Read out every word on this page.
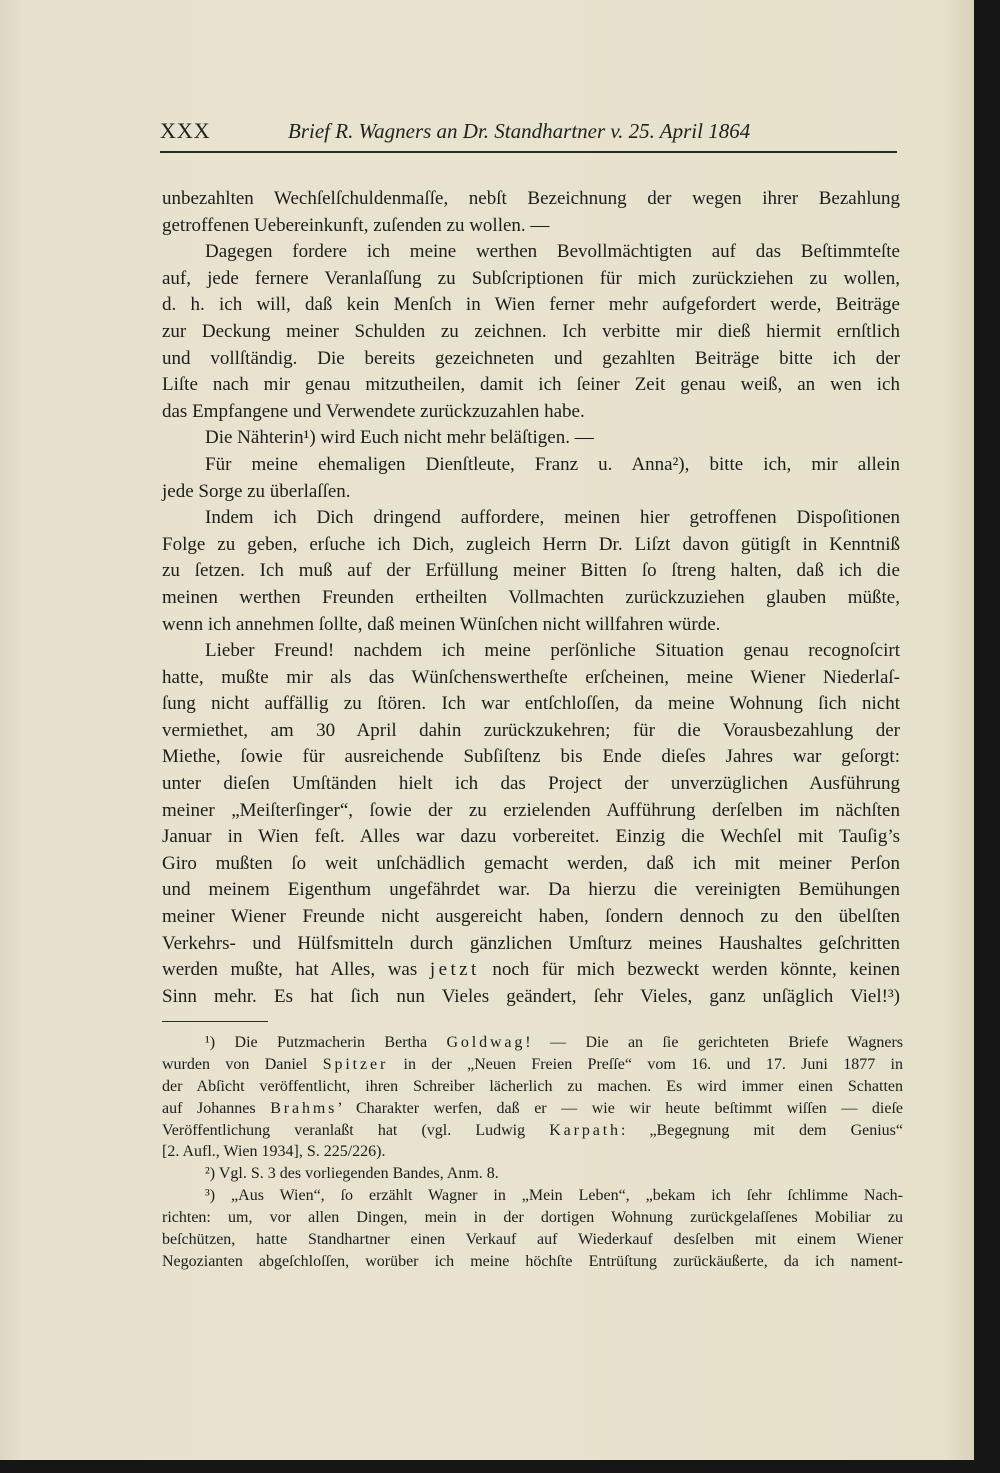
XXX	Brief R. Wagners an Dr. Standhartner v. 25. April 1864
unbezahlten Wechſelſchuldenmaſſe, nebſt Bezeichnung der wegen ihrer Bezahlung
getroffenen Uebereinkunft, zuſenden zu wollen. —
Dagegen fordere ich meine werthen Bevollmächtigten auf das Beſtimmteſte
auf, jede fernere Veranlaſſung zu Subſcriptionen für mich zurückziehen zu wollen,
d. h. ich will, daß kein Menſch in Wien ferner mehr aufgefordert werde, Beiträge
zur Deckung meiner Schulden zu zeichnen. Ich verbitte mir dieß hiermit ernſtlich
und vollſtändig. Die bereits gezeichneten und gezahlten Beiträge bitte ich der
Liſte nach mir genau mitzutheilen, damit ich ſeiner Zeit genau weiß, an wen ich
das Empfangene und Verwendete zurückzuzahlen habe.
Die Nähterin¹) wird Euch nicht mehr beläſtigen. —
Für meine ehemaligen Dienſtleute, Franz u. Anna²), bitte ich, mir allein
jede Sorge zu überlaſſen.
Indem ich Dich dringend auffordere, meinen hier getroffenen Dispoſitionen
Folge zu geben, erſuche ich Dich, zugleich Herrn Dr. Liſzt davon gütigſt in Kenntniß
zu ſetzen. Ich muß auf der Erfüllung meiner Bitten ſo ſtreng halten, daß ich die
meinen werthen Freunden ertheilten Vollmachten zurückzuziehen glauben müßte,
wenn ich annehmen ſollte, daß meinen Wünſchen nicht willfahren würde.
Lieber Freund! nachdem ich meine perſönliche Situation genau recognoſcirt
hatte, mußte mir als das Wünſchenswertheſte erſcheinen, meine Wiener Niederlaſ-
ſung nicht auffällig zu ſtören. Ich war entſchloſſen, da meine Wohnung ſich nicht
vermiethet, am 30 April dahin zurückzukehren; für die Vorausbezahlung der
Miethe, ſowie für ausreichende Subſiſtenz bis Ende dieſes Jahres war geſorgt:
unter dieſen Umſtänden hielt ich das Project der unverzüglichen Ausführung
meiner „Meiſterſinger“, ſowie der zu erzielenden Aufführung derſelben im nächſten
Januar in Wien feſt. Alles war dazu vorbereitet. Einzig die Wechſel mit Tauſig’s
Giro mußten ſo weit unſchädlich gemacht werden, daß ich mit meiner Perſon
und meinem Eigenthum ungefährdet war. Da hierzu die vereinigten Bemühungen
meiner Wiener Freunde nicht ausgereicht haben, ſondern dennoch zu den übelſten
Verkehrs- und Hülfsmitteln durch gänzlichen Umſturz meines Haushaltes geſchritten
werden mußte, hat Alles, was jetzt noch für mich bezweckt werden könnte, keinen
Sinn mehr. Es hat ſich nun Vieles geändert, ſehr Vieles, ganz unſäglich Viel!³)
¹) Die Putzmacherin Bertha Goldwag! — Die an ſie gerichteten Briefe Wagners
wurden von Daniel Spitzer in der „Neuen Freien Preſſe“ vom 16. und 17. Juni 1877 in
der Abſicht veröffentlicht, ihren Schreiber lächerlich zu machen. Es wird immer einen Schatten
auf Johannes Brahms’ Charakter werfen, daß er — wie wir heute beſtimmt wiſſen — dieſe
Veröffentlichung veranlaßt hat (vgl. Ludwig Karpath: „Begegnung mit dem Genius“
[2. Aufl., Wien 1934], S. 225/226).
²) Vgl. S. 3 des vorliegenden Bandes, Anm. 8.
³) „Aus Wien“, ſo erzählt Wagner in „Mein Leben“, „bekam ich ſehr ſchlimme Nach-
richten: um, vor allen Dingen, mein in der dortigen Wohnung zurückgelaſſenes Mobiliar zu
beſchützen, hatte Standhartner einen Verkauf auf Wiederkauf desſelben mit einem Wiener
Negozianten abgeſchloſſen, worüber ich meine höchſte Entrüſtung zurückäußerte, da ich nament-
